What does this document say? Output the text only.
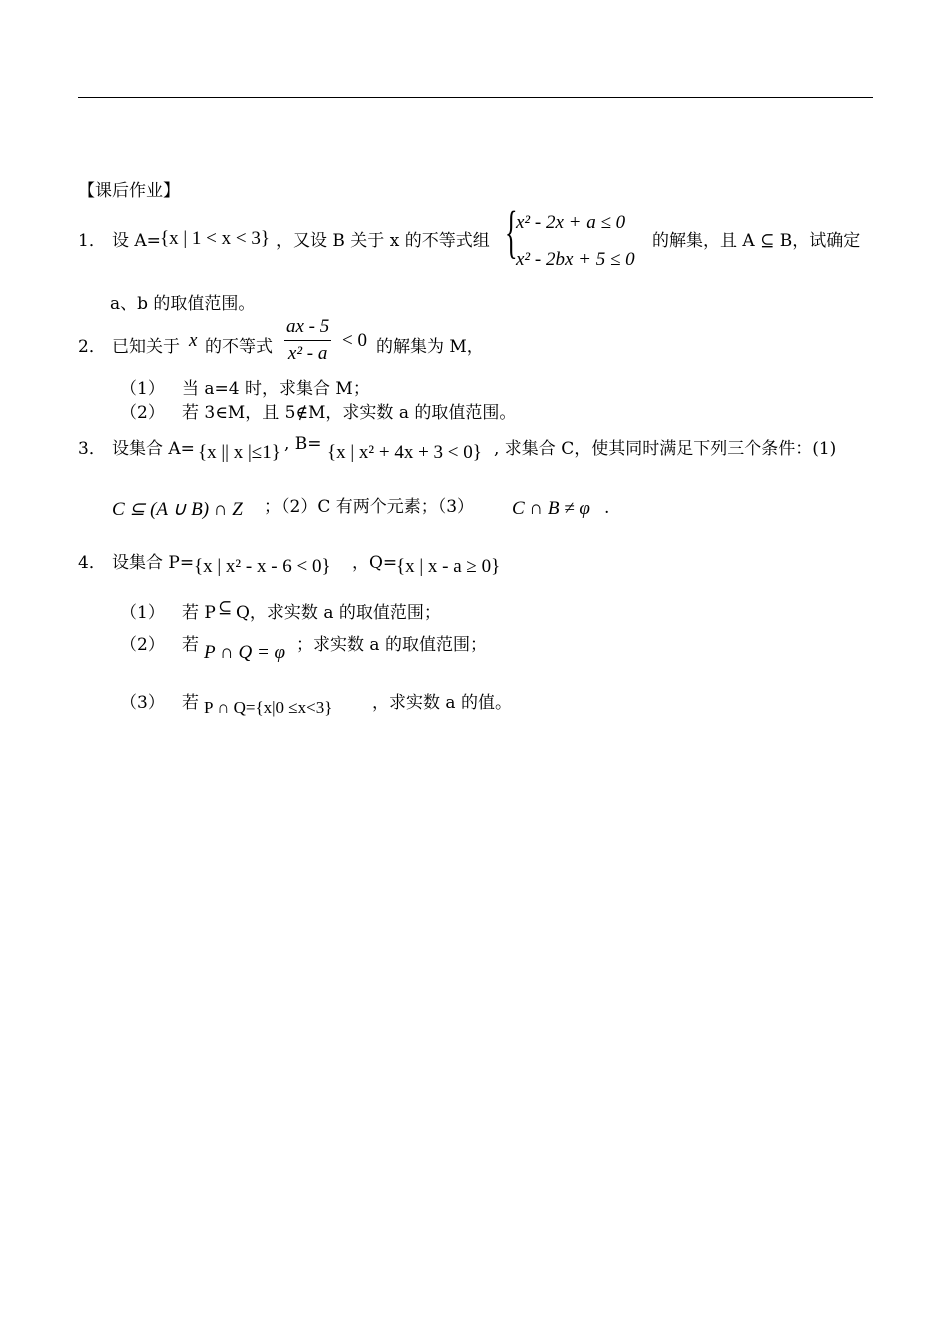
【课后作业】
1． 设 A= {x | 1 < x < 3} ，又设 B 关于 x 的不等式组 {
x² - 2x + a ≤ 0
x² - 2bx + 5 ≤ 0
的解集，且 A ⊆ B，试确定
a、b 的取值范围。
2． 已知关于 x 的不等式 $\frac{ax - 5}{\text{x² - a}} < 0$ 的解集为 M，
（1） 当 a=4 时，求集合 M；
（2） 若 3∈M，且 5∉M，求实数 a 的取值范围。
3． 设集合 A= {x || x |≤1} , B= {x | x² + 4x + 3 < 0} , 求集合 C，使其同时满足下列三个条件：(1)
C ⊆ (A ∪ B) ∩ Z ；（2）C 有两个元素；（3） C ∩ B ≠ φ .
4． 设集合 P= {x | x² - x - 6 < 0} ，Q=
{x | x - a ≥ 0}
（1） 若 P ⊆ Q，求实数 a 的取值范围；
（2） 若 P ∩ Q = φ ；求实数 a 的取值范围；
（3） 若 P ∩ Q={x|0 ≤x<3} ，求实数 a 的值。
